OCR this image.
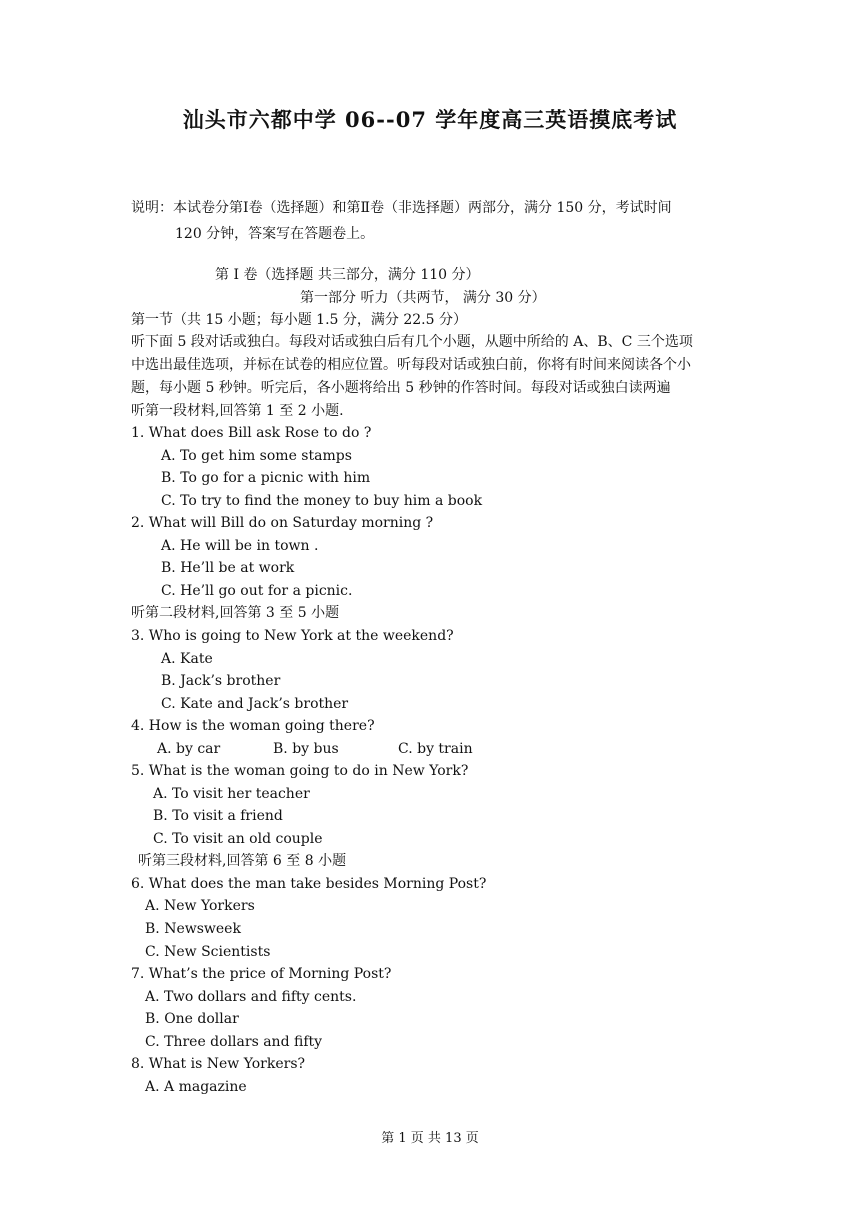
汕头市六都中学 06--07 学年度高三英语摸底考试
说明：本试卷分第Ⅰ卷（选择题）和第Ⅱ卷（非选择题）两部分，满分 150 分，考试时间
120 分钟，答案写在答题卷上。
第 Ⅰ 卷（选择题 共三部分，满分 110 分）
第一部分 听力（共两节， 满分 30 分）
第一节（共 15 小题；每小题 1.5 分，满分 22.5 分）
听下面 5 段对话或独白。每段对话或独白后有几个小题，从题中所给的 A、B、C 三个选项
中选出最佳选项，并标在试卷的相应位置。听每段对话或独白前，你将有时间来阅读各个小
题，每小题 5 秒钟。听完后，各小题将给出 5 秒钟的作答时间。每段对话或独白读两遍
听第一段材料,回答第 1 至 2 小题.
1. What does Bill ask Rose to do ?
A. To get him some stamps
B. To go for a picnic with him
C. To try to find the money to buy him a book
2. What will Bill do on Saturday morning ?
A. He will be in town .
B. He’ll be at work
C. He’ll go out for a picnic.
听第二段材料,回答第 3 至 5 小题
3. Who is going to New York at the weekend?
A. Kate
B. Jack’s brother
C. Kate and Jack’s brother
4. How is the woman going there?
A. by car	B. by bus	C. by train
5. What is the woman going to do in New York?
A. To visit her teacher
B. To visit a friend
C. To visit an old couple
听第三段材料,回答第 6 至 8 小题
6. What does the man take besides Morning Post?
A. New Yorkers
B. Newsweek
C. New Scientists
7. What’s the price of Morning Post?
A. Two dollars and fifty cents.
B. One dollar
C. Three dollars and fifty
8. What is New Yorkers?
A. A magazine
第 1 页 共 13 页
